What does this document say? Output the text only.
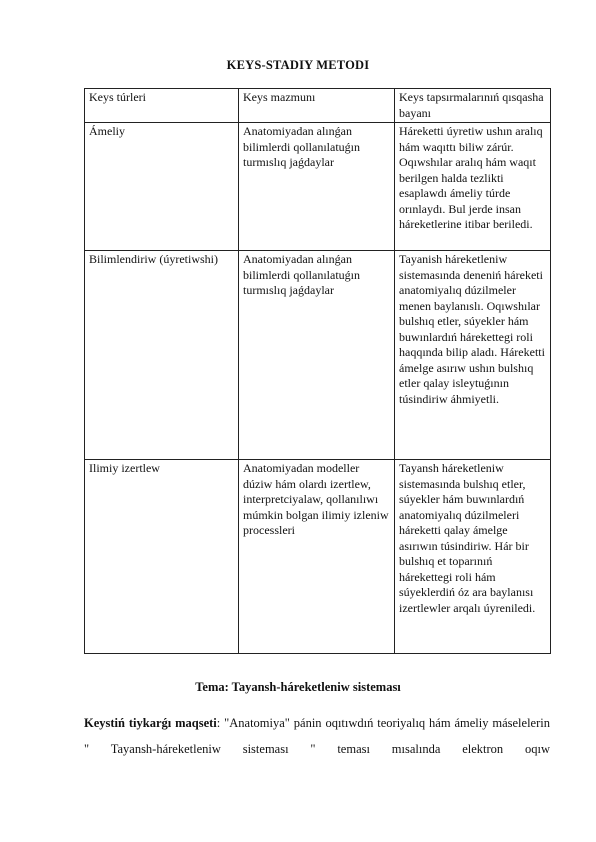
KEYS-STADIY METODI
Keys túrleri	Keys mazmunı	Keys tapsırmalarınıń qısqasha bayanı
Ámeliy	Anatomiyadan alınǵan bilimlerdi qollanılatuǵın turmıslıq jaǵdaylar	Háreketti úyretiw ushın aralıq hám waqıttı biliw zárúr. Oqıwshılar aralıq hám waqıt berilgen halda tezlikti esaplawdı ámeliy túrde orınlaydı. Bul jerde insan háreketlerine itibar beriledi.
Bilimlendiriw (úyretiwshi)	Anatomiyadan alınǵan bilimlerdi qollanılatuǵın turmıslıq jaǵdaylar	Tayanish háreketleniw sistemasında deneniń háreketi anatomiyalıq dúzilmeler menen baylanıslı. Oqıwshılar bulshıq etler, súyekler hám buwınlardıń hárekettegi roli haqqında bilip aladı. Háreketti ámelge asırıw ushın bulshıq etler qalay isleytuǵının túsindiriw áhmiyetli.
Ilimiy izertlew	Anatomiyadan modeller dúziw hám olardı izertlew, interpretciyalaw, qollanılıwı múmkin bolgan ilimiy izleniw processleri	Tayansh háreketleniw sistemasında bulshıq etler, súyekler hám buwınlardıń anatomiyalıq dúzilmeleri háreketti qalay ámelge asırıwın túsindiriw. Hár bir bulshıq et toparınıń hárekettegi roli hám súyeklerdiń óz ara baylanısı izertlewler arqalı úyreniledi.
Tema: Tayansh-háreketleniw sisteması
Keystiń tiykarǵı maqseti: "Anatomiya" pánin oqıtıwdıń teoriyalıq hám ámeliy máselelerin " Tayansh-háreketleniw sisteması " teması mısalında elektron oqıw
